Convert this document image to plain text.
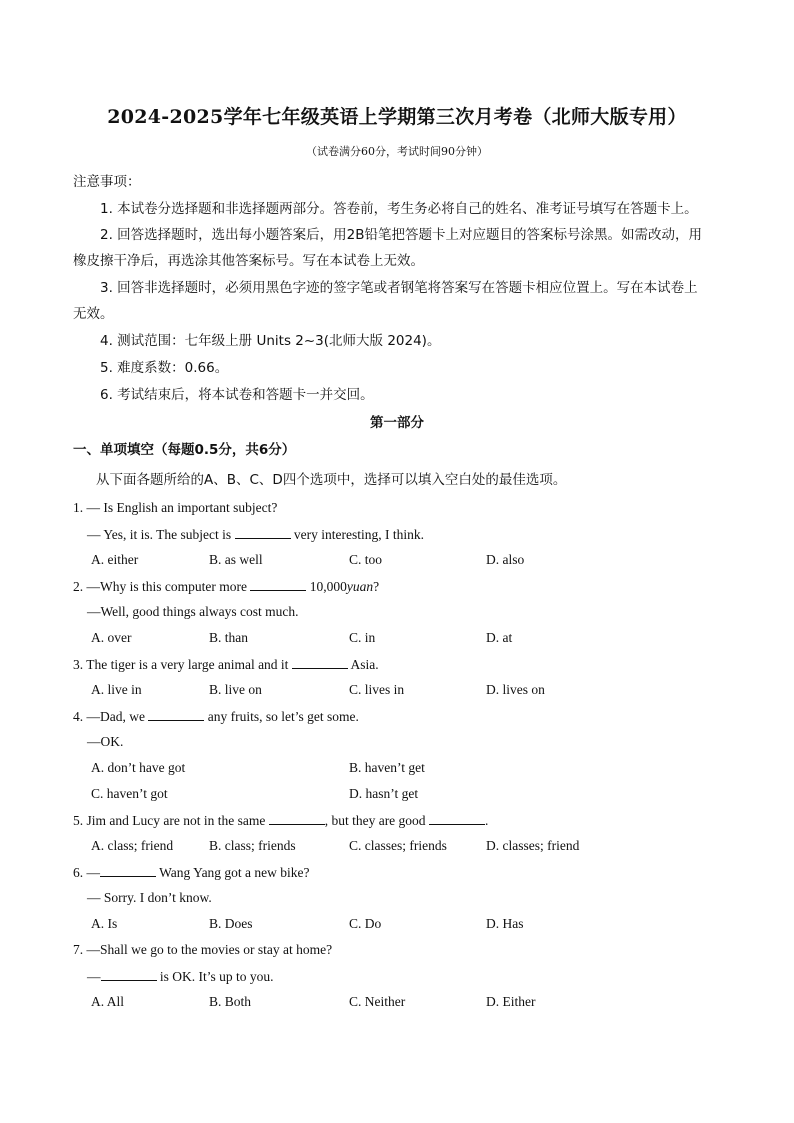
2024-2025学年七年级英语上学期第三次月考卷（北师大版专用）
（试卷满分60分，考试时间90分钟）
注意事项：
1. 本试卷分选择题和非选择题两部分。答卷前，考生务必将自己的姓名、准考证号填写在答题卡上。
2. 回答选择题时，选出每小题答案后，用2B铅笔把答题卡上对应题目的答案标号涂黑。如需改动，用
橡皮擦干净后，再选涂其他答案标号。写在本试卷上无效。
3. 回答非选择题时，必须用黑色字迹的签字笔或者钢笔将答案写在答题卡相应位置上。写在本试卷上
无效。
4. 测试范围：七年级上册 Units 2~3(北师大版 2024)。
5. 难度系数：0.66。
6. 考试结束后，将本试卷和答题卡一并交回。
第一部分
一、单项填空（每题0.5分，共6分）
从下面各题所给的A、B、C、D四个选项中，选择可以填入空白处的最佳选项。
1. — Is English an important subject?
— Yes, it is. The subject is	very interesting, I think.
A. either	B. as well	C. too	D. also
2. —Why is this computer more	10,000yuan?
—Well, good things always cost much.
A. over	B. than	C. in	D. at
3. The tiger is a very large animal and it	Asia.
A. live in	B. live on	C. lives in	D. lives on
4. —Dad, we	any fruits, so let’s get some.
—OK.
A. don’t have got	B. haven’t get
C. haven’t got	D. hasn’t get
5. Jim and Lucy are not in the same	, but they are good	.
A. class; friend	B. class; friends	C. classes; friends	D. classes; friend
6. —	Wang Yang got a new bike?
— Sorry. I don’t know.
A. Is	B. Does	C. Do	D. Has
7. —Shall we go to the movies or stay at home?
—	is OK. It’s up to you.
A. All	B. Both	C. Neither	D. Either
